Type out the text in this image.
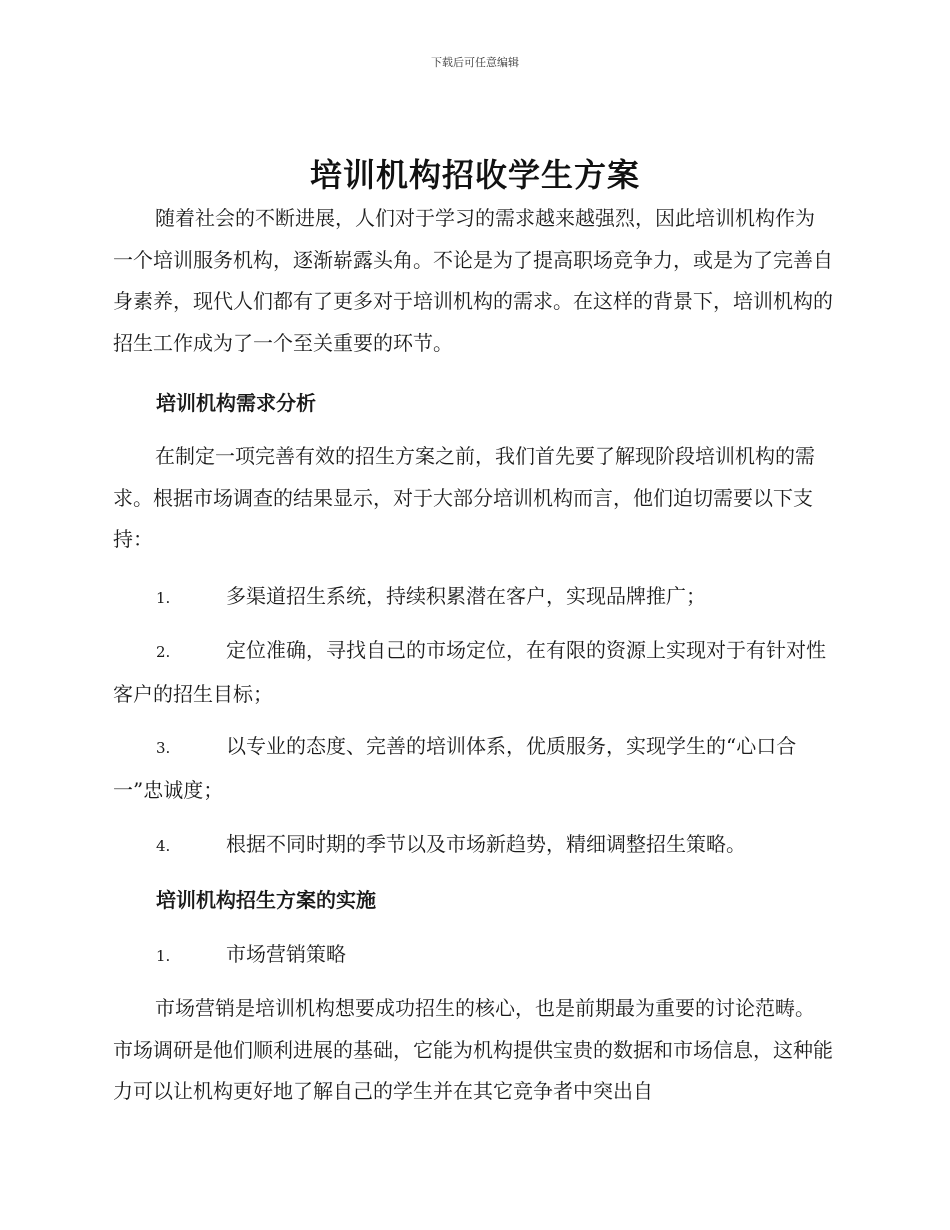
下载后可任意编辑
培训机构招收学生方案

随着社会的不断进展，人们对于学习的需求越来越强烈，因此培训机构作为一个培训服务机构，逐渐崭露头角。不论是为了提高职场竞争力，或是为了完善自身素养，现代人们都有了更多对于培训机构的需求。在这样的背景下，培训机构的招生工作成为了一个至关重要的环节。

培训机构需求分析

在制定一项完善有效的招生方案之前，我们首先要了解现阶段培训机构的需求。根据市场调查的结果显示，对于大部分培训机构而言，他们迫切需要以下支持：

1.	多渠道招生系统，持续积累潜在客户，实现品牌推广；

2.	定位准确，寻找自己的市场定位，在有限的资源上实现对于有针对性客户的招生目标；

3.	以专业的态度、完善的培训体系，优质服务，实现学生的“心口合一”忠诚度；

4.	根据不同时期的季节以及市场新趋势，精细调整招生策略。

培训机构招生方案的实施

1.	市场营销策略

市场营销是培训机构想要成功招生的核心，也是前期最为重要的讨论范畴。市场调研是他们顺利进展的基础，它能为机构提供宝贵的数据和市场信息，这种能力可以让机构更好地了解自己的学生并在其它竞争者中突出自
